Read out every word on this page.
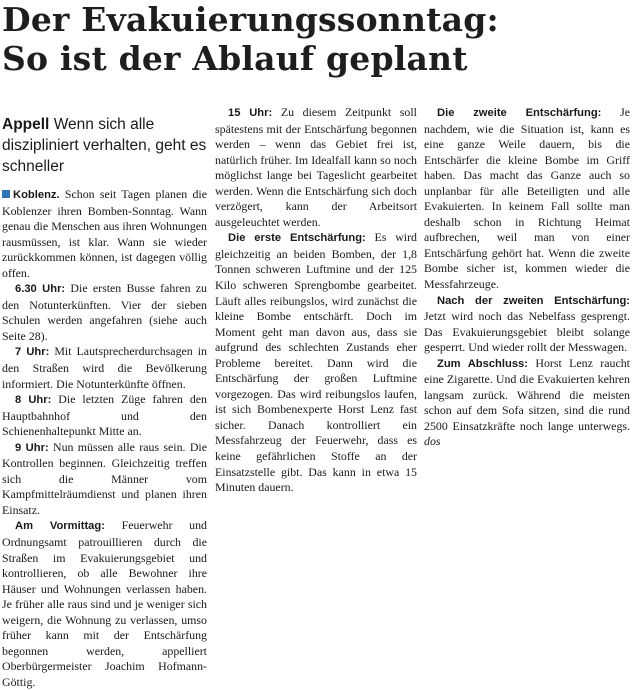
Der Evakuierungssonntag:
So ist der Ablauf geplant

Appell Wenn sich alle diszipliniert verhalten, geht es schneller

Koblenz. Schon seit Tagen planen die Koblenzer ihren Bomben-Sonntag. Wann genau die Menschen aus ihren Wohnungen rausmüssen, ist klar. Wann sie wieder zurückkommen können, ist dagegen völlig offen.

6.30 Uhr: Die ersten Busse fahren zu den Notunterkünften. Vier der sieben Schulen werden angefahren (siehe auch Seite 28).

7 Uhr: Mit Lautsprecherdurchsagen in den Straßen wird die Bevölkerung informiert. Die Notunterkünfte öffnen.

8 Uhr: Die letzten Züge fahren den Hauptbahnhof und den Schienenhaltepunkt Mitte an.

9 Uhr: Nun müssen alle raus sein. Die Kontrollen beginnen. Gleichzeitig treffen sich die Männer vom Kampfmittelräumdienst und planen ihren Einsatz.

Am Vormittag: Feuerwehr und Ordnungsamt patrouillieren durch die Straßen im Evakuierungsgebiet und kontrollieren, ob alle Bewohner ihre Häuser und Wohnungen verlassen haben. Je früher alle raus sind und je weniger sich weigern, die Wohnung zu verlassen, umso früher kann mit der Entschärfung begonnen werden, appelliert Oberbürgermeister Joachim Hofmann-Göttig.

15 Uhr: Zu diesem Zeitpunkt soll spätestens mit der Entschärfung begonnen werden – wenn das Gebiet frei ist, natürlich früher. Im Idealfall kann so noch möglichst lange bei Tageslicht gearbeitet werden. Wenn die Entschärfung sich doch verzögert, kann der Arbeitsort ausgeleuchtet werden.

Die erste Entschärfung: Es wird gleichzeitig an beiden Bomben, der 1,8 Tonnen schweren Luftmine und der 125 Kilo schweren Sprengbombe gearbeitet. Läuft alles reibungslos, wird zunächst die kleine Bombe entschärft. Doch im Moment geht man davon aus, dass sie aufgrund des schlechten Zustands eher Probleme bereitet. Dann wird die Entschärfung der großen Luftmine vorgezogen. Das wird reibungslos laufen, ist sich Bombenexperte Horst Lenz fast sicher. Danach kontrolliert ein Messfahrzeug der Feuerwehr, dass es keine gefährlichen Stoffe an der Einsatzstelle gibt. Das kann in etwa 15 Minuten dauern.

Die zweite Entschärfung: Je nachdem, wie die Situation ist, kann es eine ganze Weile dauern, bis die Entschärfer die kleine Bombe im Griff haben. Das macht das Ganze auch so unplanbar für alle Beteiligten und alle Evakuierten. In keinem Fall sollte man deshalb schon in Richtung Heimat aufbrechen, weil man von einer Entschärfung gehört hat. Wenn die zweite Bombe sicher ist, kommen wieder die Messfahrzeuge.

Nach der zweiten Entschärfung: Jetzt wird noch das Nebelfass gesprengt. Das Evakuierungsgebiet bleibt solange gesperrt. Und wieder rollt der Messwagen.

Zum Abschluss: Horst Lenz raucht eine Zigarette. Und die Evakuierten kehren langsam zurück. Während die meisten schon auf dem Sofa sitzen, sind die rund 2500 Einsatzkräfte noch lange unterwegs. dos
